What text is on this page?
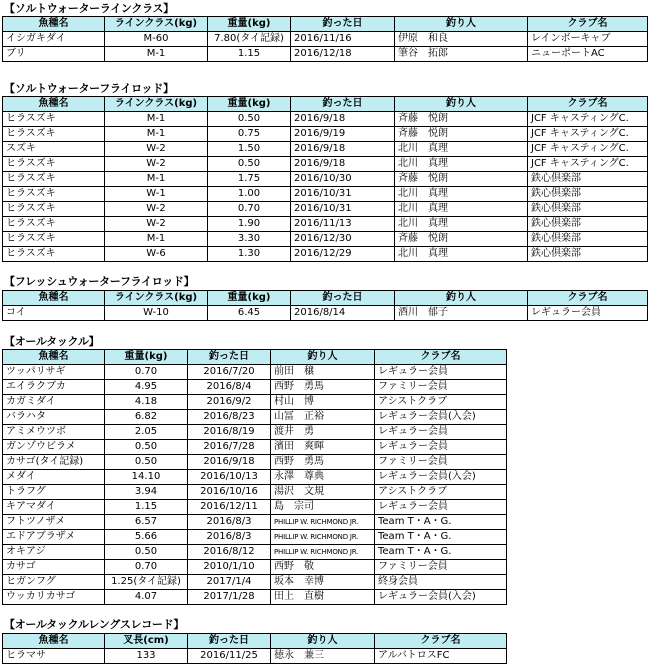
【ソルトウォーターラインクラス】
魚種名	ラインクラス(kg)	重量(kg)	釣った日	釣り人	クラブ名
イシガキダイ	M-60	7.80(タイ記録)	2016/11/16	伊原　和良	レインボーキャブ
ブリ	M-1	1.15	2016/12/18	筆谷　拓郎	ニューポートAC
【ソルトウォーターフライロッド】
魚種名	ラインクラス(kg)	重量(kg)	釣った日	釣り人	クラブ名
ヒラスズキ	M-1	0.50	2016/9/18	斉藤　悦朗	JCF キャスティングC.
ヒラスズキ	M-1	0.75	2016/9/19	斉藤　悦朗	JCF キャスティングC.
スズキ	W-2	1.50	2016/9/18	北川　真理	JCF キャスティングC.
ヒラスズキ	W-2	0.50	2016/9/18	北川　真理	JCF キャスティングC.
ヒラスズキ	M-1	1.75	2016/10/30	斉藤　悦朗	鉄心倶楽部
ヒラスズキ	W-1	1.00	2016/10/31	北川　真理	鉄心倶楽部
ヒラスズキ	W-2	0.70	2016/10/31	北川　真理	鉄心倶楽部
ヒラスズキ	W-2	1.90	2016/11/13	北川　真理	鉄心倶楽部
ヒラスズキ	M-1	3.30	2016/12/30	斉藤　悦朗	鉄心倶楽部
ヒラスズキ	W-6	1.30	2016/12/29	北川　真理	鉄心倶楽部
【フレッシュウォーターフライロッド】
魚種名	ラインクラス(kg)	重量(kg)	釣った日	釣り人	クラブ名
コイ	W-10	6.45	2016/8/14	酒川　郁子	レギュラー会員
【オールタックル】
魚種名	重量(kg)	釣った日	釣り人	クラブ名
ツッパリサギ	0.70	2016/7/20	前田　穣	レギュラー会員
エイラクブカ	4.95	2016/8/4	西野　勇馬	ファミリー会員
カガミダイ	4.18	2016/9/2	村山　博	アシストクラブ
バラハタ	6.82	2016/8/23	山冨　正裕	レギュラー会員(入会)
アミメウツボ	2.05	2016/8/19	渡井　勇	レギュラー会員
ガンゾウビラメ	0.50	2016/7/28	濱田　爽暉	レギュラー会員
カサゴ(タイ記録)	0.50	2016/9/18	西野　勇馬	ファミリー会員
メダイ	14.10	2016/10/13	永澤　尊典	レギュラー会員(入会)
トラフグ	3.94	2016/10/16	湯沢　文規	アシストクラブ
キアマダイ	1.15	2016/12/11	島　宗司	レギュラー会員
フトツノザメ	6.57	2016/8/3	PHILLIP W. RICHMOND JR.	Team T・A・G.
エドアブラザメ	5.66	2016/8/3	PHILLIP W. RICHMOND JR.	Team T・A・G.
オキアジ	0.50	2016/8/12	PHILLIP W. RICHMOND JR.	Team T・A・G.
カサゴ	0.70	2010/1/10	西野　敬	ファミリー会員
ヒガンフグ	1.25(タイ記録)	2017/1/4	坂本　幸博	終身会員
ウッカリカサゴ	4.07	2017/1/28	田上　直樹	レギュラー会員(入会)
【オールタックルレングスレコード】
魚種名	叉長(cm)	釣った日	釣り人	クラブ名
ヒラマサ	133	2016/11/25	徳永　兼三	アルバトロスFC
